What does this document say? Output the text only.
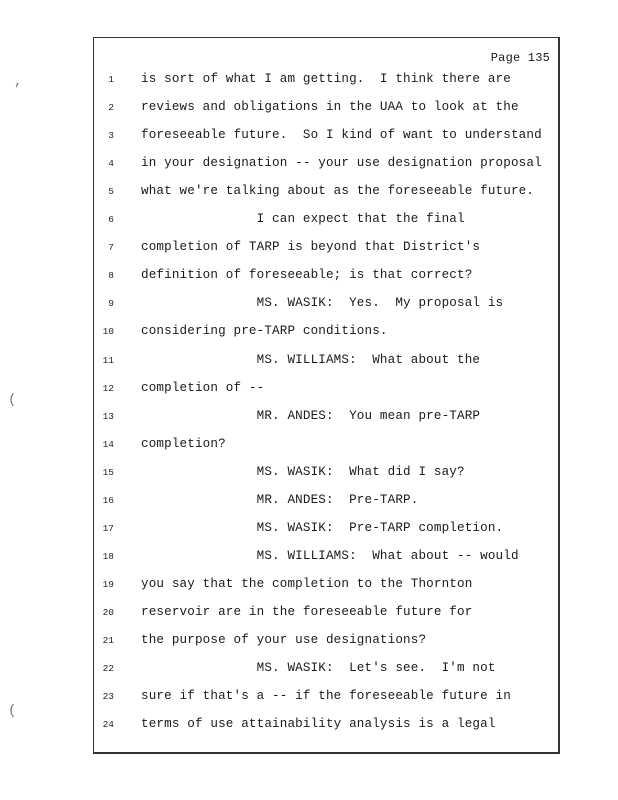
’
(
(
Page 135
1 is sort of what I am getting.  I think there are
2 reviews and obligations in the UAA to look at the
3 foreseeable future.  So I kind of want to understand
4 in your designation -- your use designation proposal
5 what we're talking about as the foreseeable future.
6 I can expect that the final
7 completion of TARP is beyond that District's
8 definition of foreseeable; is that correct?
9 MS. WASIK:  Yes.  My proposal is
10 considering pre-TARP conditions.
11 MS. WILLIAMS:  What about the
12 completion of --
13 MR. ANDES:  You mean pre-TARP
14 completion?
15 MS. WASIK:  What did I say?
16 MR. ANDES:  Pre-TARP.
17 MS. WASIK:  Pre-TARP completion.
18 MS. WILLIAMS:  What about -- would
19 you say that the completion to the Thornton
20 reservoir are in the foreseeable future for
21 the purpose of your use designations?
22 MS. WASIK:  Let's see.  I'm not
23 sure if that's a -- if the foreseeable future in
24 terms of use attainability analysis is a legal
